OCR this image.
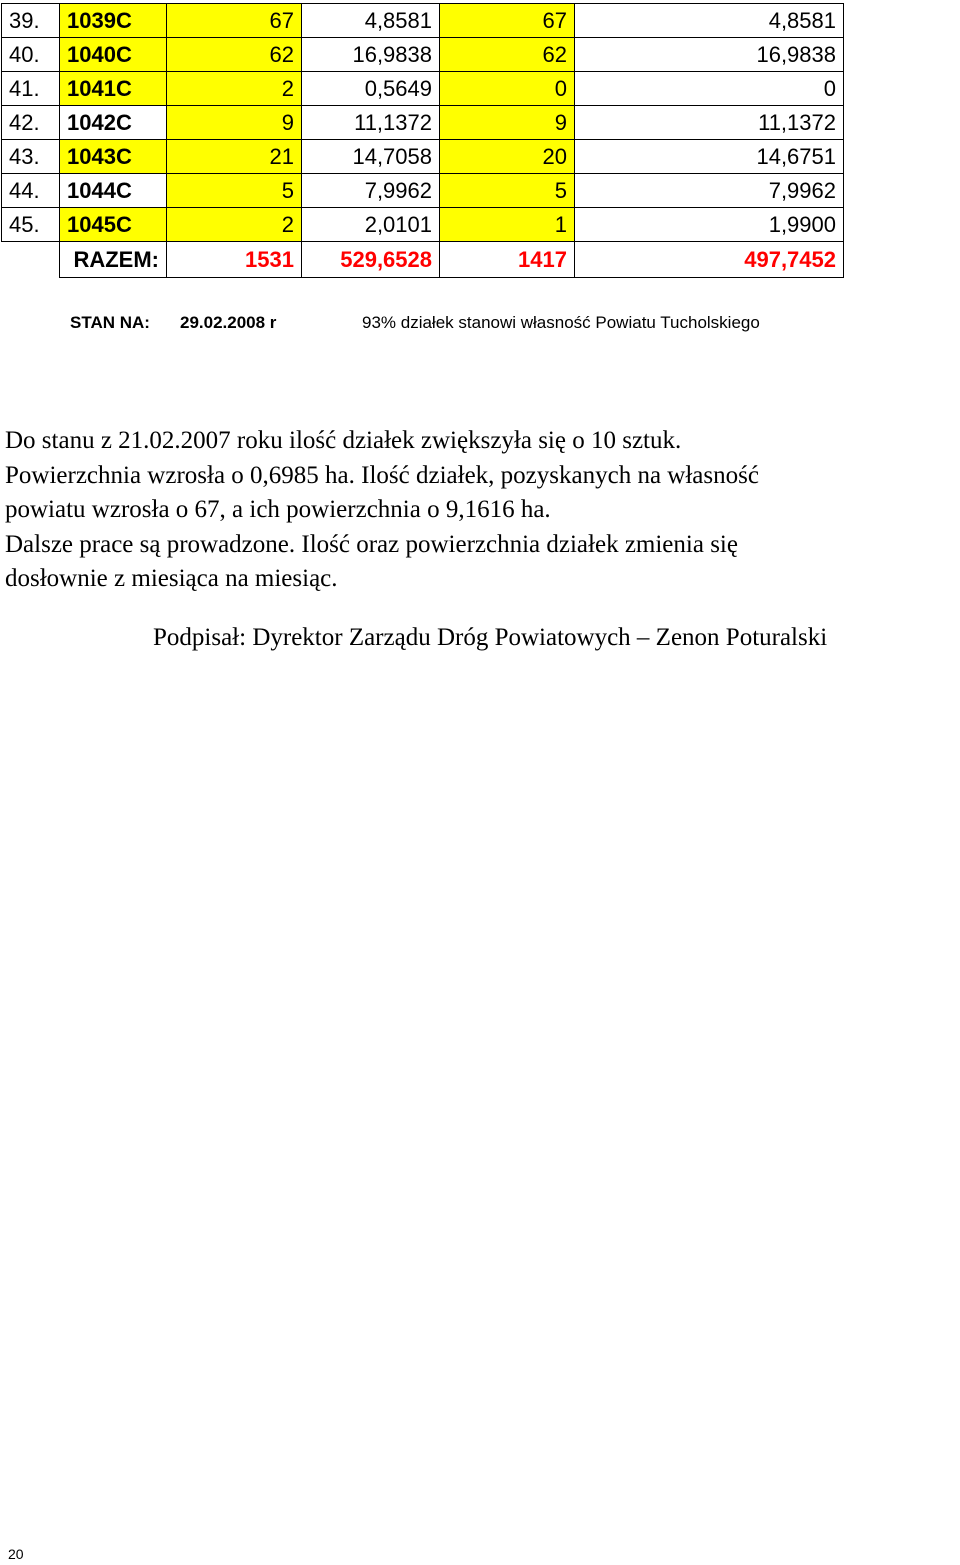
39.	1039C	67	4,8581	67	4,8581
40.	1040C	62	16,9838	62	16,9838
41.	1041C	2	0,5649	0	0
42.	1042C	9	11,1372	9	11,1372
43.	1043C	21	14,7058	20	14,6751
44.	1044C	5	7,9962	5	7,9962
45.	1045C	2	2,0101	1	1,9900
	RAZEM:	1531	529,6528	1417	497,7452
STAN NA: 29.02.2008 r	93% działek stanowi własność Powiatu Tucholskiego

Do stanu z 21.02.2007 roku ilość działek zwiększyła się o 10 sztuk.

Powierzchnia wzrosła o 0,6985 ha. Ilość działek, pozyskanych na własność

powiatu wzrosła o 67, a ich powierzchnia o 9,1616 ha.

Dalsze prace są prowadzone. Ilość oraz powierzchnia działek zmienia się

dosłownie z miesiąca na miesiąc.

Podpisał: Dyrektor Zarządu Dróg Powiatowych – Zenon Poturalski
20
